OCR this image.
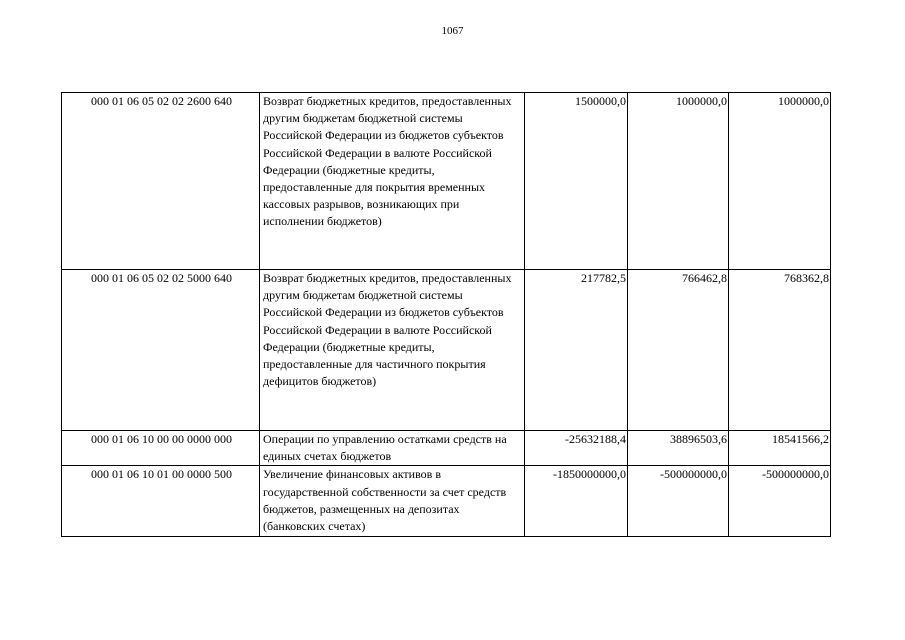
1067
000 01 06 05 02 02 2600 640	Возврат бюджетных кредитов, предоставленных другим бюджетам бюджетной системы Российской Федерации из бюджетов субъектов Российской Федерации в валюте Российской Федерации (бюджетные кредиты, предоставленные для покрытия временных кассовых разрывов, возникающих при исполнении бюджетов)	1500000,0	1000000,0	1000000,0
000 01 06 05 02 02 5000 640	Возврат бюджетных кредитов, предоставленных другим бюджетам бюджетной системы Российской Федерации из бюджетов субъектов Российской Федерации в валюте Российской Федерации (бюджетные кредиты, предоставленные для частичного покрытия дефицитов бюджетов)	217782,5	766462,8	768362,8
000 01 06 10 00 00 0000 000	Операции по управлению остатками средств на единых счетах бюджетов	-25632188,4	38896503,6	18541566,2
000 01 06 10 01 00 0000 500	Увеличение финансовых активов в государственной собственности за счет средств бюджетов, размещенных на депозитах (банковских счетах)	-1850000000,0	-500000000,0	-500000000,0
